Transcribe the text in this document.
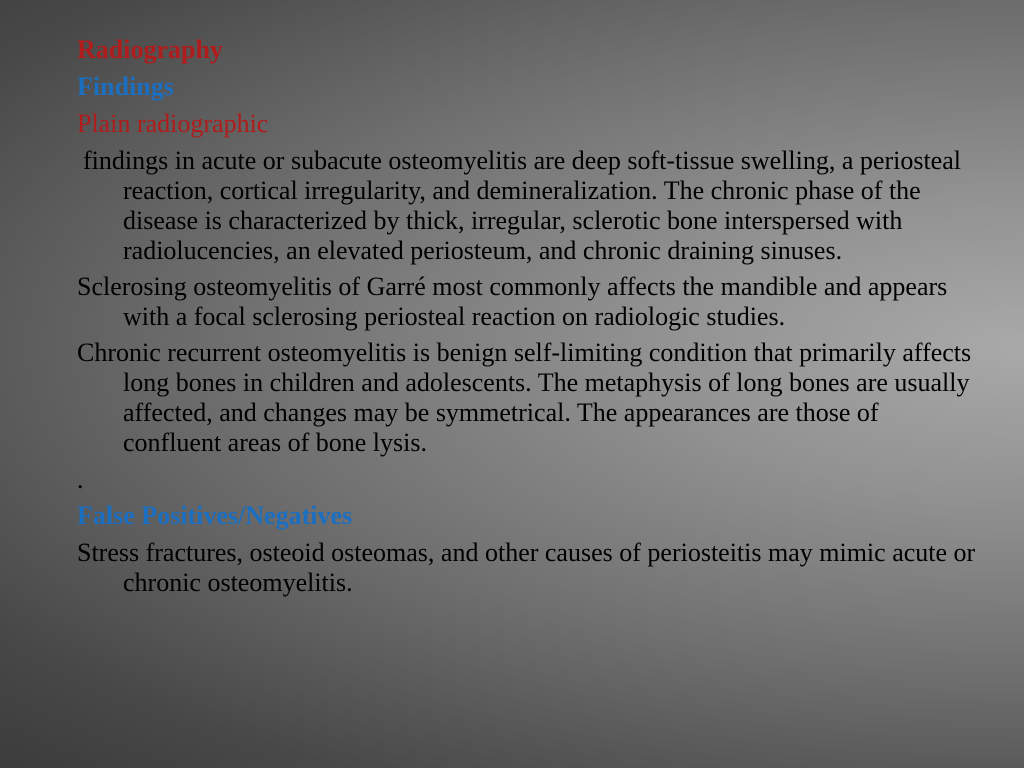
Radiography
Findings
Plain radiographic
findings in acute or subacute osteomyelitis are deep soft-tissue swelling, a periosteal reaction, cortical irregularity, and demineralization. The chronic phase of the disease is characterized by thick, irregular, sclerotic bone interspersed with radiolucencies, an elevated periosteum, and chronic draining sinuses.
Sclerosing osteomyelitis of Garré most commonly affects the mandible and appears with a focal sclerosing periosteal reaction on radiologic studies.
Chronic recurrent osteomyelitis is benign self-limiting condition that primarily affects long bones in children and adolescents. The metaphysis of long bones are usually affected, and changes may be symmetrical. The appearances are those of confluent areas of bone lysis.
.
False Positives/Negatives
Stress fractures, osteoid osteomas, and other causes of periosteitis may mimic acute or chronic osteomyelitis.
